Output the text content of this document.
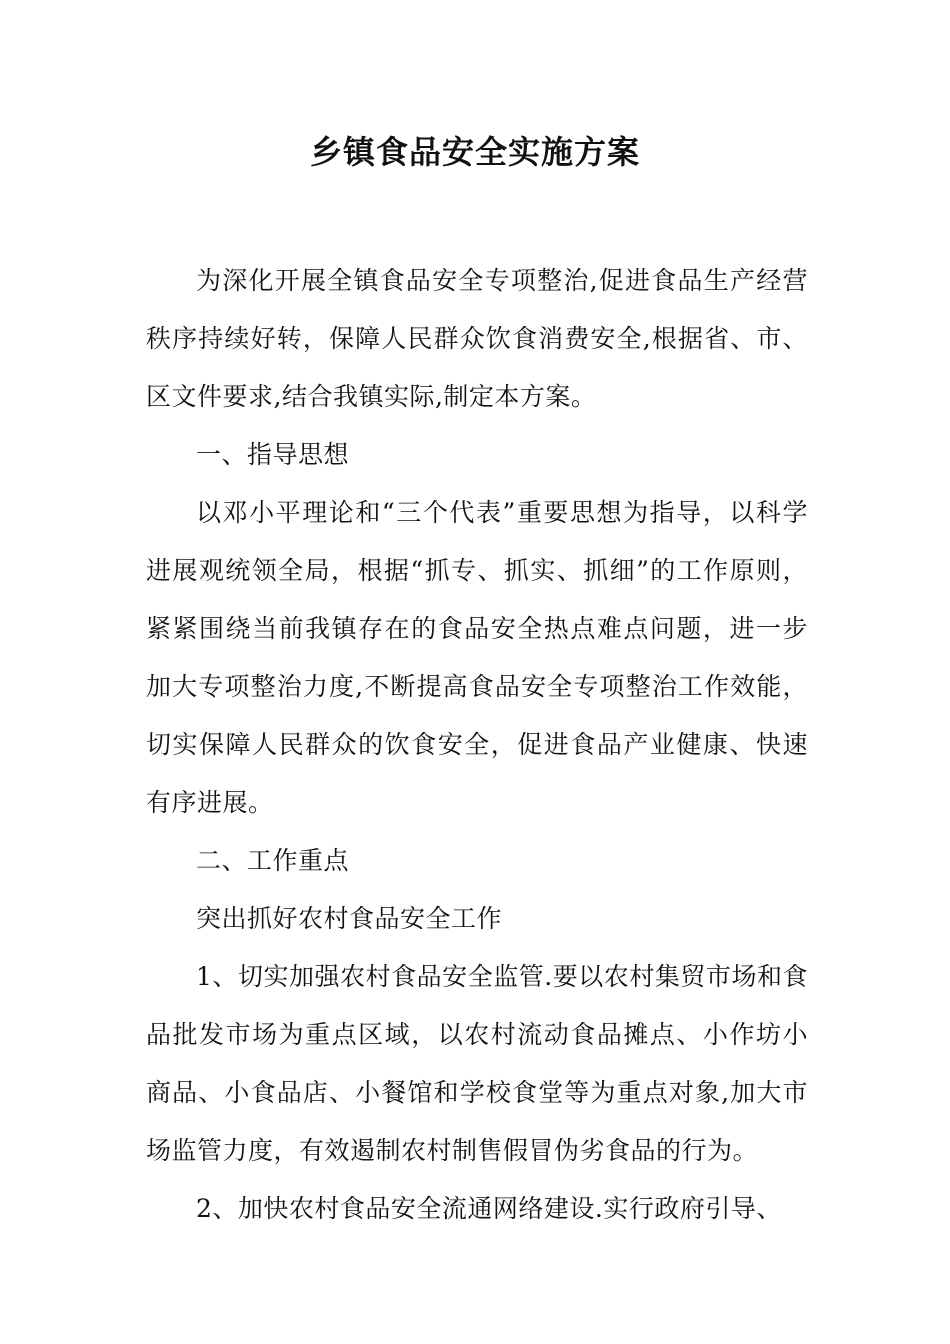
乡镇食品安全实施方案

为深化开展全镇食品安全专项整治,促进食品生产经营秩序持续好转，保障人民群众饮食消费安全,根据省、市、区文件要求,结合我镇实际,制定本方案。

一、指导思想

以邓小平理论和“三个代表”重要思想为指导，以科学进展观统领全局，根据“抓专、抓实、抓细”的工作原则，紧紧围绕当前我镇存在的食品安全热点难点问题，进一步加大专项整治力度,不断提高食品安全专项整治工作效能，切实保障人民群众的饮食安全，促进食品产业健康、快速有序进展。

二、工作重点

突出抓好农村食品安全工作

1、切实加强农村食品安全监管.要以农村集贸市场和食品批发市场为重点区域，以农村流动食品摊点、小作坊小商品、小食品店、小餐馆和学校食堂等为重点对象,加大市场监管力度，有效遏制农村制售假冒伪劣食品的行为。

2、加快农村食品安全流通网络建设.实行政府引导、
